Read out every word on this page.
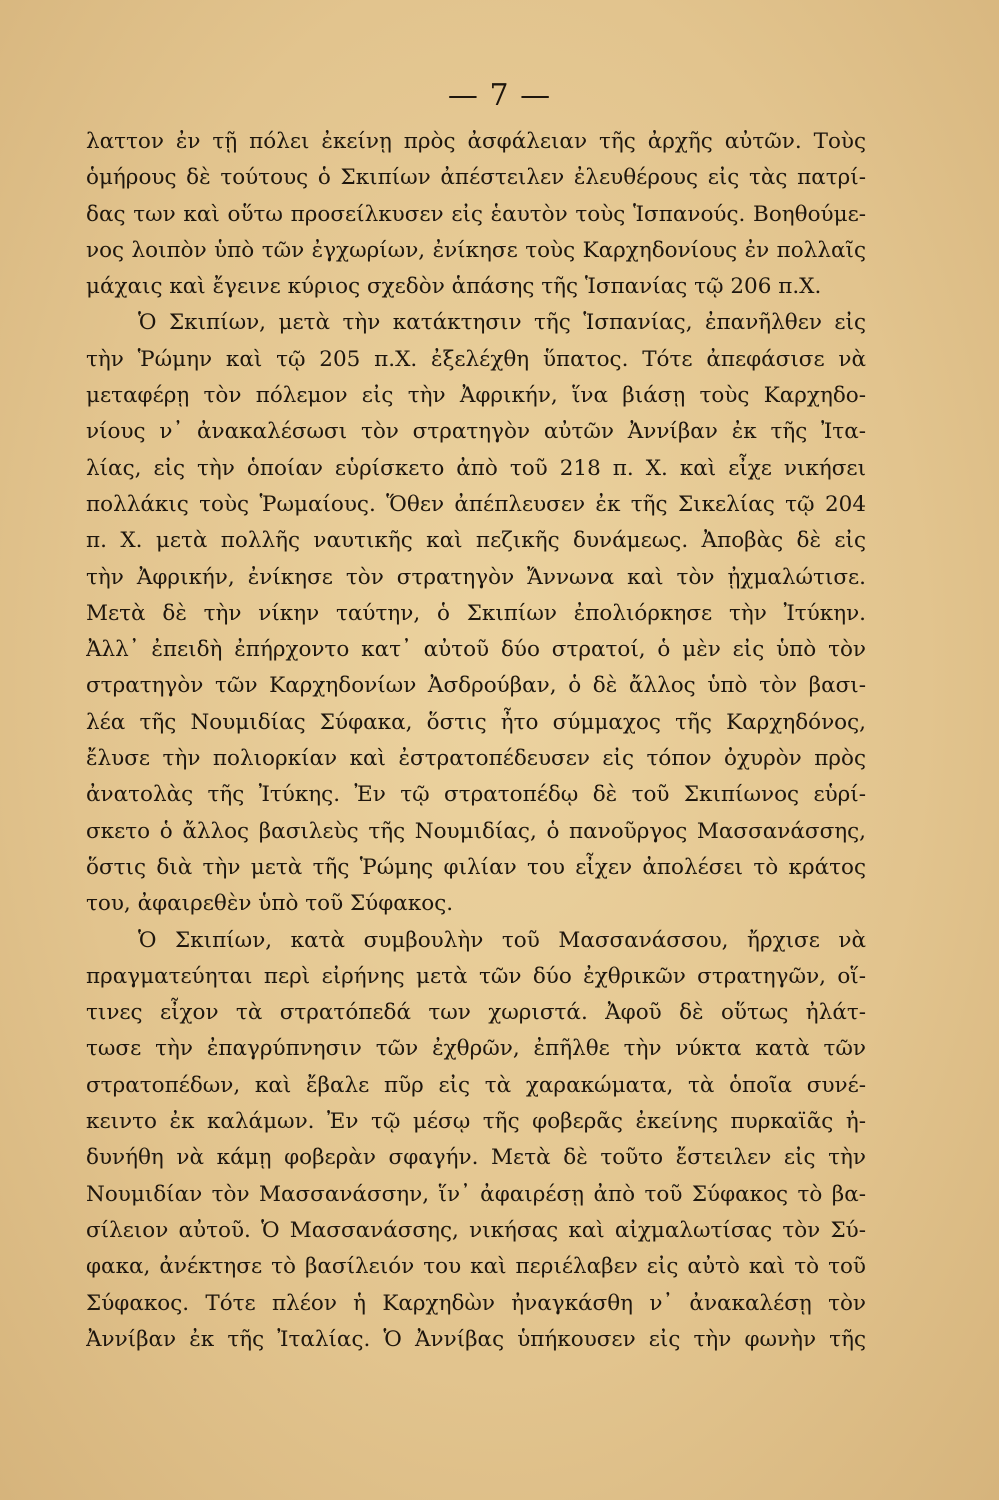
— 7 —
λαττον ἐν τῇ πόλει ἐκείνῃ πρὸς ἀσφάλειαν τῆς ἀρχῆς αὐτῶν. Τοὺς
ὁμήρους δὲ τούτους ὁ Σκιπίων ἀπέστειλεν ἐλευθέρους εἰς τὰς πατρί-
δας των καὶ οὕτω προσείλκυσεν εἰς ἑαυτὸν τοὺς Ἱσπανούς. Βοηθούμε-
νος λοιπὸν ὑπὸ τῶν ἐγχωρίων, ἐνίκησε τοὺς Καρχηδονίους ἐν πολλαῖς
μάχαις καὶ ἔγεινε κύριος σχεδὸν ἁπάσης τῆς Ἱσπανίας τῷ 206 π.Χ.
Ὁ Σκιπίων, μετὰ τὴν κατάκτησιν τῆς Ἱσπανίας, ἐπανῆλθεν εἰς
τὴν Ῥώμην καὶ τῷ 205 π.Χ. ἐξελέχθη ὕπατος. Τότε ἀπεφάσισε νὰ
μεταφέρῃ τὸν πόλεμον εἰς τὴν Ἀφρικήν, ἵνα βιάσῃ τοὺς Καρχηδο-
νίους ν᾽ ἀνακαλέσωσι τὸν στρατηγὸν αὐτῶν Ἀννίβαν ἐκ τῆς Ἰτα-
λίας, εἰς τὴν ὁποίαν εὑρίσκετο ἀπὸ τοῦ 218 π. Χ. καὶ εἶχε νικήσει
πολλάκις τοὺς Ῥωμαίους. Ὅθεν ἀπέπλευσεν ἐκ τῆς Σικελίας τῷ 204
π. Χ. μετὰ πολλῆς ναυτικῆς καὶ πεζικῆς δυνάμεως. Ἀποβὰς δὲ εἰς
τὴν Ἀφρικήν, ἐνίκησε τὸν στρατηγὸν Ἄννωνα καὶ τὸν ᾐχμαλώτισε.
Μετὰ δὲ τὴν νίκην ταύτην, ὁ Σκιπίων ἐπολιόρκησε τὴν Ἰτύκην.
Ἀλλ᾽ ἐπειδὴ ἐπήρχοντο κατ᾽ αὐτοῦ δύο στρατοί, ὁ μὲν εἰς ὑπὸ τὸν
στρατηγὸν τῶν Καρχηδονίων Ἀσδρούβαν, ὁ δὲ ἄλλος ὑπὸ τὸν βασι-
λέα τῆς Νουμιδίας Σύφακα, ὅστις ἦτο σύμμαχος τῆς Καρχηδόνος,
ἔλυσε τὴν πολιορκίαν καὶ ἐστρατοπέδευσεν εἰς τόπον ὀχυρὸν πρὸς
ἀνατολὰς τῆς Ἰτύκης. Ἐν τῷ στρατοπέδῳ δὲ τοῦ Σκιπίωνος εὑρί-
σκετο ὁ ἄλλος βασιλεὺς τῆς Νουμιδίας, ὁ πανοῦργος Μασσανάσσης,
ὅστις διὰ τὴν μετὰ τῆς Ῥώμης φιλίαν του εἶχεν ἀπολέσει τὸ κράτος
του, ἀφαιρεθὲν ὑπὸ τοῦ Σύφακος.
Ὁ Σκιπίων, κατὰ συμβουλὴν τοῦ Μασσανάσσου, ἤρχισε νὰ
πραγματεύηται περὶ εἰρήνης μετὰ τῶν δύο ἐχθρικῶν στρατηγῶν, οἵ-
τινες εἶχον τὰ στρατόπεδά των χωριστά. Ἀφοῦ δὲ οὕτως ἠλάτ-
τωσε τὴν ἐπαγρύπνησιν τῶν ἐχθρῶν, ἐπῆλθε τὴν νύκτα κατὰ τῶν
στρατοπέδων, καὶ ἔβαλε πῦρ εἰς τὰ χαρακώματα, τὰ ὁποῖα συνέ-
κειντο ἐκ καλάμων. Ἐν τῷ μέσῳ τῆς φοβερᾶς ἐκείνης πυρκαϊᾶς ἠ-
δυνήθη νὰ κάμῃ φοβερὰν σφαγήν. Μετὰ δὲ τοῦτο ἔστειλεν εἰς τὴν
Νουμιδίαν τὸν Μασσανάσσην, ἵν᾽ ἀφαιρέσῃ ἀπὸ τοῦ Σύφακος τὸ βα-
σίλειον αὐτοῦ. Ὁ Μασσανάσσης, νικήσας καὶ αἰχμαλωτίσας τὸν Σύ-
φακα, ἀνέκτησε τὸ βασίλειόν του καὶ περιέλαβεν εἰς αὐτὸ καὶ τὸ τοῦ
Σύφακος. Τότε πλέον ἡ Καρχηδὼν ἠναγκάσθη ν᾽ ἀνακαλέσῃ τὸν
Ἀννίβαν ἐκ τῆς Ἰταλίας. Ὁ Ἀννίβας ὑπήκουσεν εἰς τὴν φωνὴν τῆς
